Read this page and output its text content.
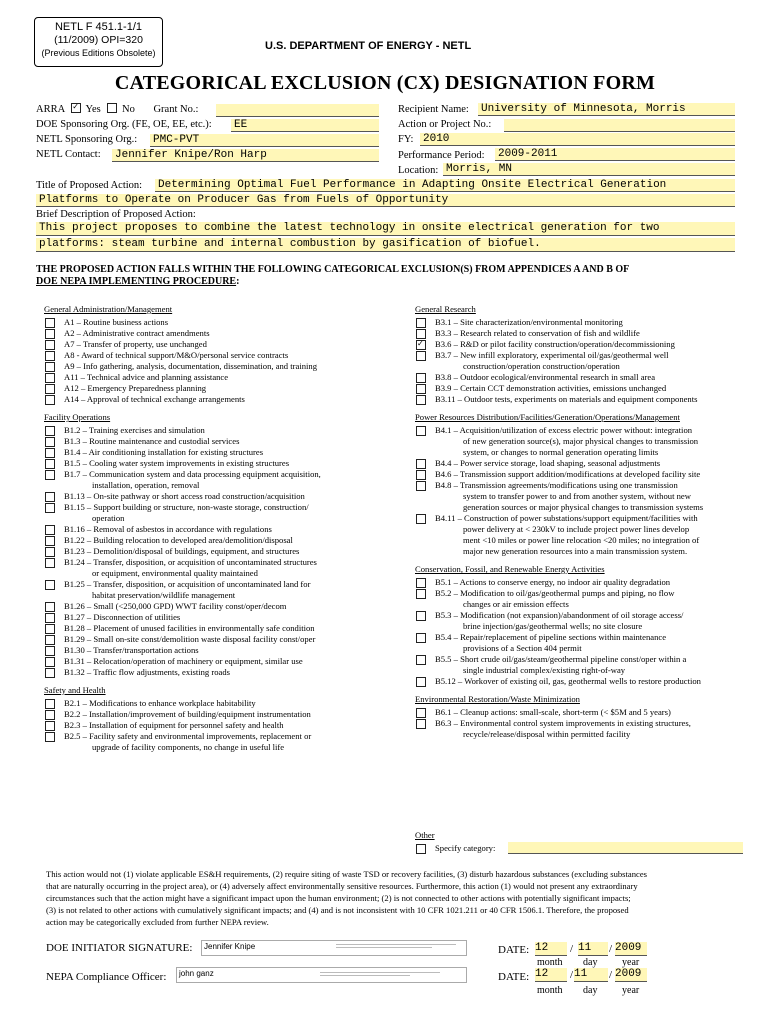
NETL F 451.1-1/1
(11/2009) OPI=320
(Previous Editions Obsolete)
U.S. DEPARTMENT OF ENERGY - NETL
CATEGORICAL EXCLUSION (CX) DESIGNATION FORM
ARRA ✓ Yes No Grant No.:
DOE Sponsoring Org. (FE, OE, EE, etc.): EE
NETL Sponsoring Org.: PMC-PVT
NETL Contact: Jennifer Knipe/Ron Harp
Recipient Name: University of Minnesota, Morris
Action or Project No.:
FY: 2010
Performance Period: 2009-2011
Location: Morris, MN
Title of Proposed Action: Determining Optimal Fuel Performance in Adapting Onsite Electrical Generation
Platforms to Operate on Producer Gas from Fuels of Opportunity
Brief Description of Proposed Action:
This project proposes to combine the latest technology in onsite electrical generation for two
platforms: steam turbine and internal combustion by gasification of biofuel.
THE PROPOSED ACTION FALLS WITHIN THE FOLLOWING CATEGORICAL EXCLUSION(S) FROM APPENDICES A AND B OF
DOE NEPA IMPLEMENTING PROCEDURE:
General Administration/Management
A1 – Routine business actions
A2 – Administrative contract amendments
A7 – Transfer of property, use unchanged
A8 - Award of technical support/M&O/personal service contracts
A9 – Info gathering, analysis, documentation, dissemination, and training
A11 – Technical advice and planning assistance
A12 – Emergency Preparedness planning
A14 – Approval of technical exchange arrangements
Facility Operations
B1.2 – Training exercises and simulation
B1.3 – Routine maintenance and custodial services
B1.4 – Air conditioning installation for existing structures
B1.5 – Cooling water system improvements in existing structures
B1.7 – Communication system and data processing equipment acquisition,
installation, operation, removal
B1.13 – On-site pathway or short access road construction/acquisition
B1.15 – Support building or structure, non-waste storage, construction/
operation
B1.16 – Removal of asbestos in accordance with regulations
B1.22 – Building relocation to developed area/demolition/disposal
B1.23 – Demolition/disposal of buildings, equipment, and structures
B1.24 – Transfer, disposition, or acquisition of uncontaminated structures
or equipment, environmental quality maintained
B1.25 – Transfer, disposition, or acquisition of uncontaminated land for
habitat preservation/wildlife management
B1.26 – Small (<250,000 GPD) WWT facility const/oper/decom
B1.27 – Disconnection of utilities
B1.28 – Placement of unused facilities in environmentally safe condition
B1.29 – Small on-site const/demolition waste disposal facility const/oper
B1.30 – Transfer/transportation actions
B1.31 – Relocation/operation of machinery or equipment, similar use
B1.32 – Traffic flow adjustments, existing roads
Safety and Health
B2.1 – Modifications to enhance workplace habitability
B2.2 – Installation/improvement of building/equipment instrumentation
B2.3 – Installation of equipment for personnel safety and health
B2.5 – Facility safety and environmental improvements, replacement or
upgrade of facility components, no change in useful life
General Research
B3.1 – Site characterization/environmental monitoring
B3.3 – Research related to conservation of fish and wildlife
✓
B3.6 – R&D or pilot facility construction/operation/decommissioning
B3.7 – New infill exploratory, experimental oil/gas/geothermal well
construction/operation construction/operation
B3.8 – Outdoor ecological/environmental research in small area
B3.9 – Certain CCT demonstration activities, emissions unchanged
B3.11 – Outdoor tests, experiments on materials and equipment components
Power Resources Distribution/Facilities/Generation/Operations/Management
B4.1 – Acquisition/utilization of excess electric power without: integration
of new generation source(s), major physical changes to transmission
system, or changes to normal generation operating limits
B4.4 – Power service storage, load shaping, seasonal adjustments
B4.6 – Transmission support addition/modifications at developed facility site
B4.8 – Transmission agreements/modifications using one transmission
system to transfer power to and from another system, without new
generation sources or major physical changes to transmission systems
B4.11 – Construction of power substations/support equipment/facilities with
power delivery at < 230kV to include project power lines develop
ment <10 miles or power line relocation <20 miles; no integration of
major new generation resources into a main transmission system.
Conservation, Fossil, and Renewable Energy Activities
B5.1 – Actions to conserve energy, no indoor air quality degradation
B5.2 – Modification to oil/gas/geothermal pumps and piping, no flow
changes or air emission effects
B5.3 – Modification (not expansion)/abandonment of oil storage access/
brine injection/gas/geothermal wells; no site closure
B5.4 – Repair/replacement of pipeline sections within maintenance
provisions of a Section 404 permit
B5.5 – Short crude oil/gas/steam/geothermal pipeline const/oper within a
single industrial complex/existing right-of-way
B5.12 – Workover of existing oil, gas, geothermal wells to restore production
Environmental Restoration/Waste Minimization
B6.1 – Cleanup actions: small-scale, short-term (< $5M and 5 years)
B6.3 – Environmental control system improvements in existing structures,
recycle/release/disposal within permitted facility
Other
Specify category:
This action would not (1) violate applicable ES&H requirements, (2) require siting of waste TSD or recovery facilities, (3) disturb hazardous substances (excluding substances
that are naturally occurring in the project area), or (4) adversely affect environmentally sensitive resources. Furthermore, this action (1) would not present any extraordinary
circumstances such that the action might have a significant impact upon the human environment; (2) is not connected to other actions with potentially significant impacts;
(3) is not related to other actions with cumulatively significant impacts; and (4) and is not inconsistent with 10 CFR 1021.211 or 40 CFR 1506.1. Therefore, the proposed
action may be categorically excluded from further NEPA review.
DOE INITIATOR SIGNATURE:	Jennifer Knipe
NEPA Compliance Officer:	john ganz
DATE: 12	/ 11	/ 2009
month day year
DATE: 12	/ 11	/ 2009
month day year
